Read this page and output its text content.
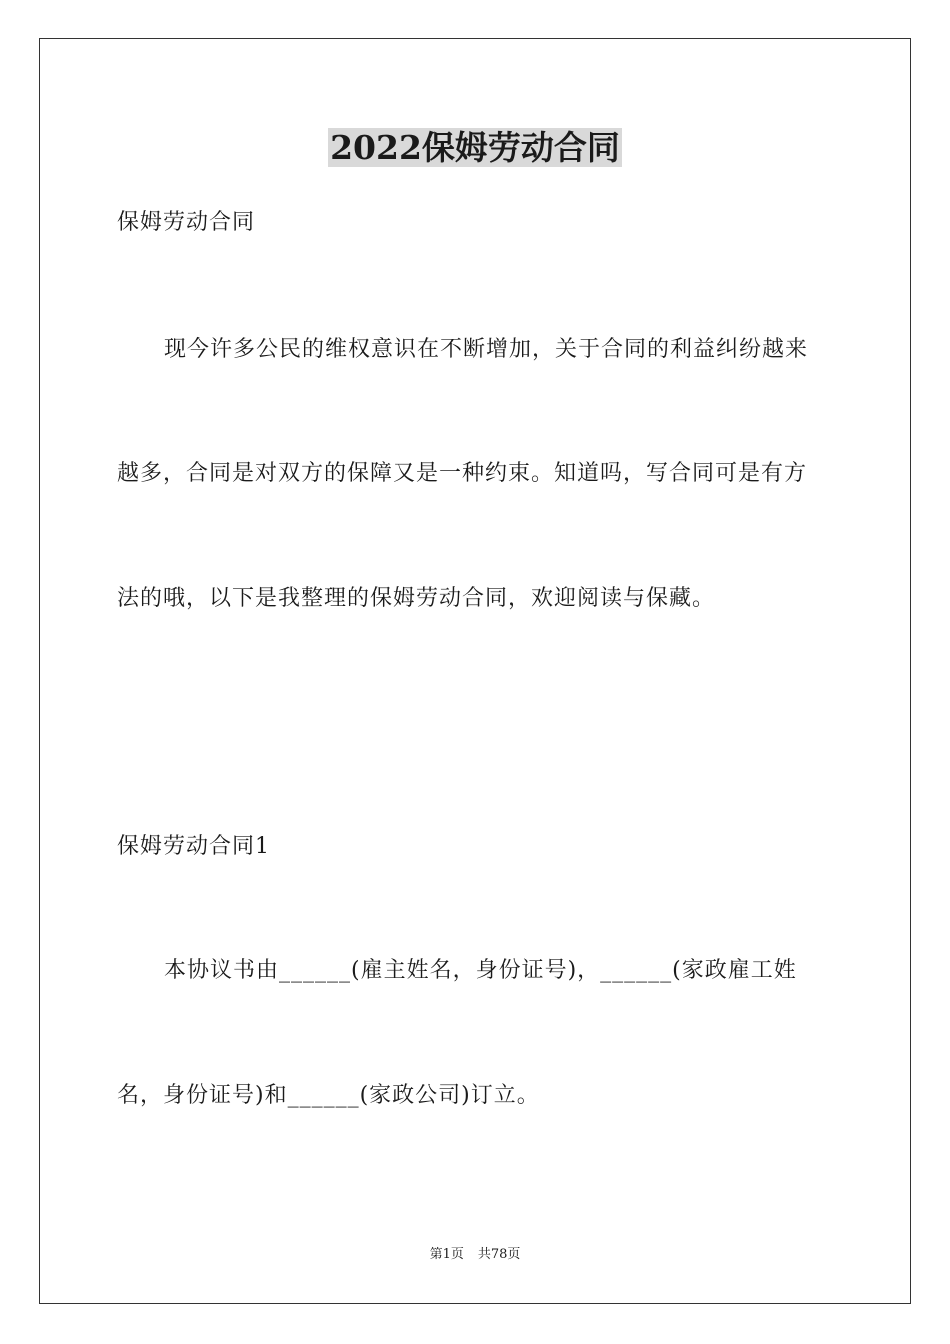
2022保姆劳动合同
保姆劳动合同
现今许多公民的维权意识在不断增加，关于合同的利益纠纷越来
越多，合同是对双方的保障又是一种约束。知道吗，写合同可是有方
法的哦，以下是我整理的保姆劳动合同，欢迎阅读与保藏。
保姆劳动合同1
本协议书由______(雇主姓名，身份证号)，______(家政雇工姓
名，身份证号)和______(家政公司)订立。
第1页 共78页
